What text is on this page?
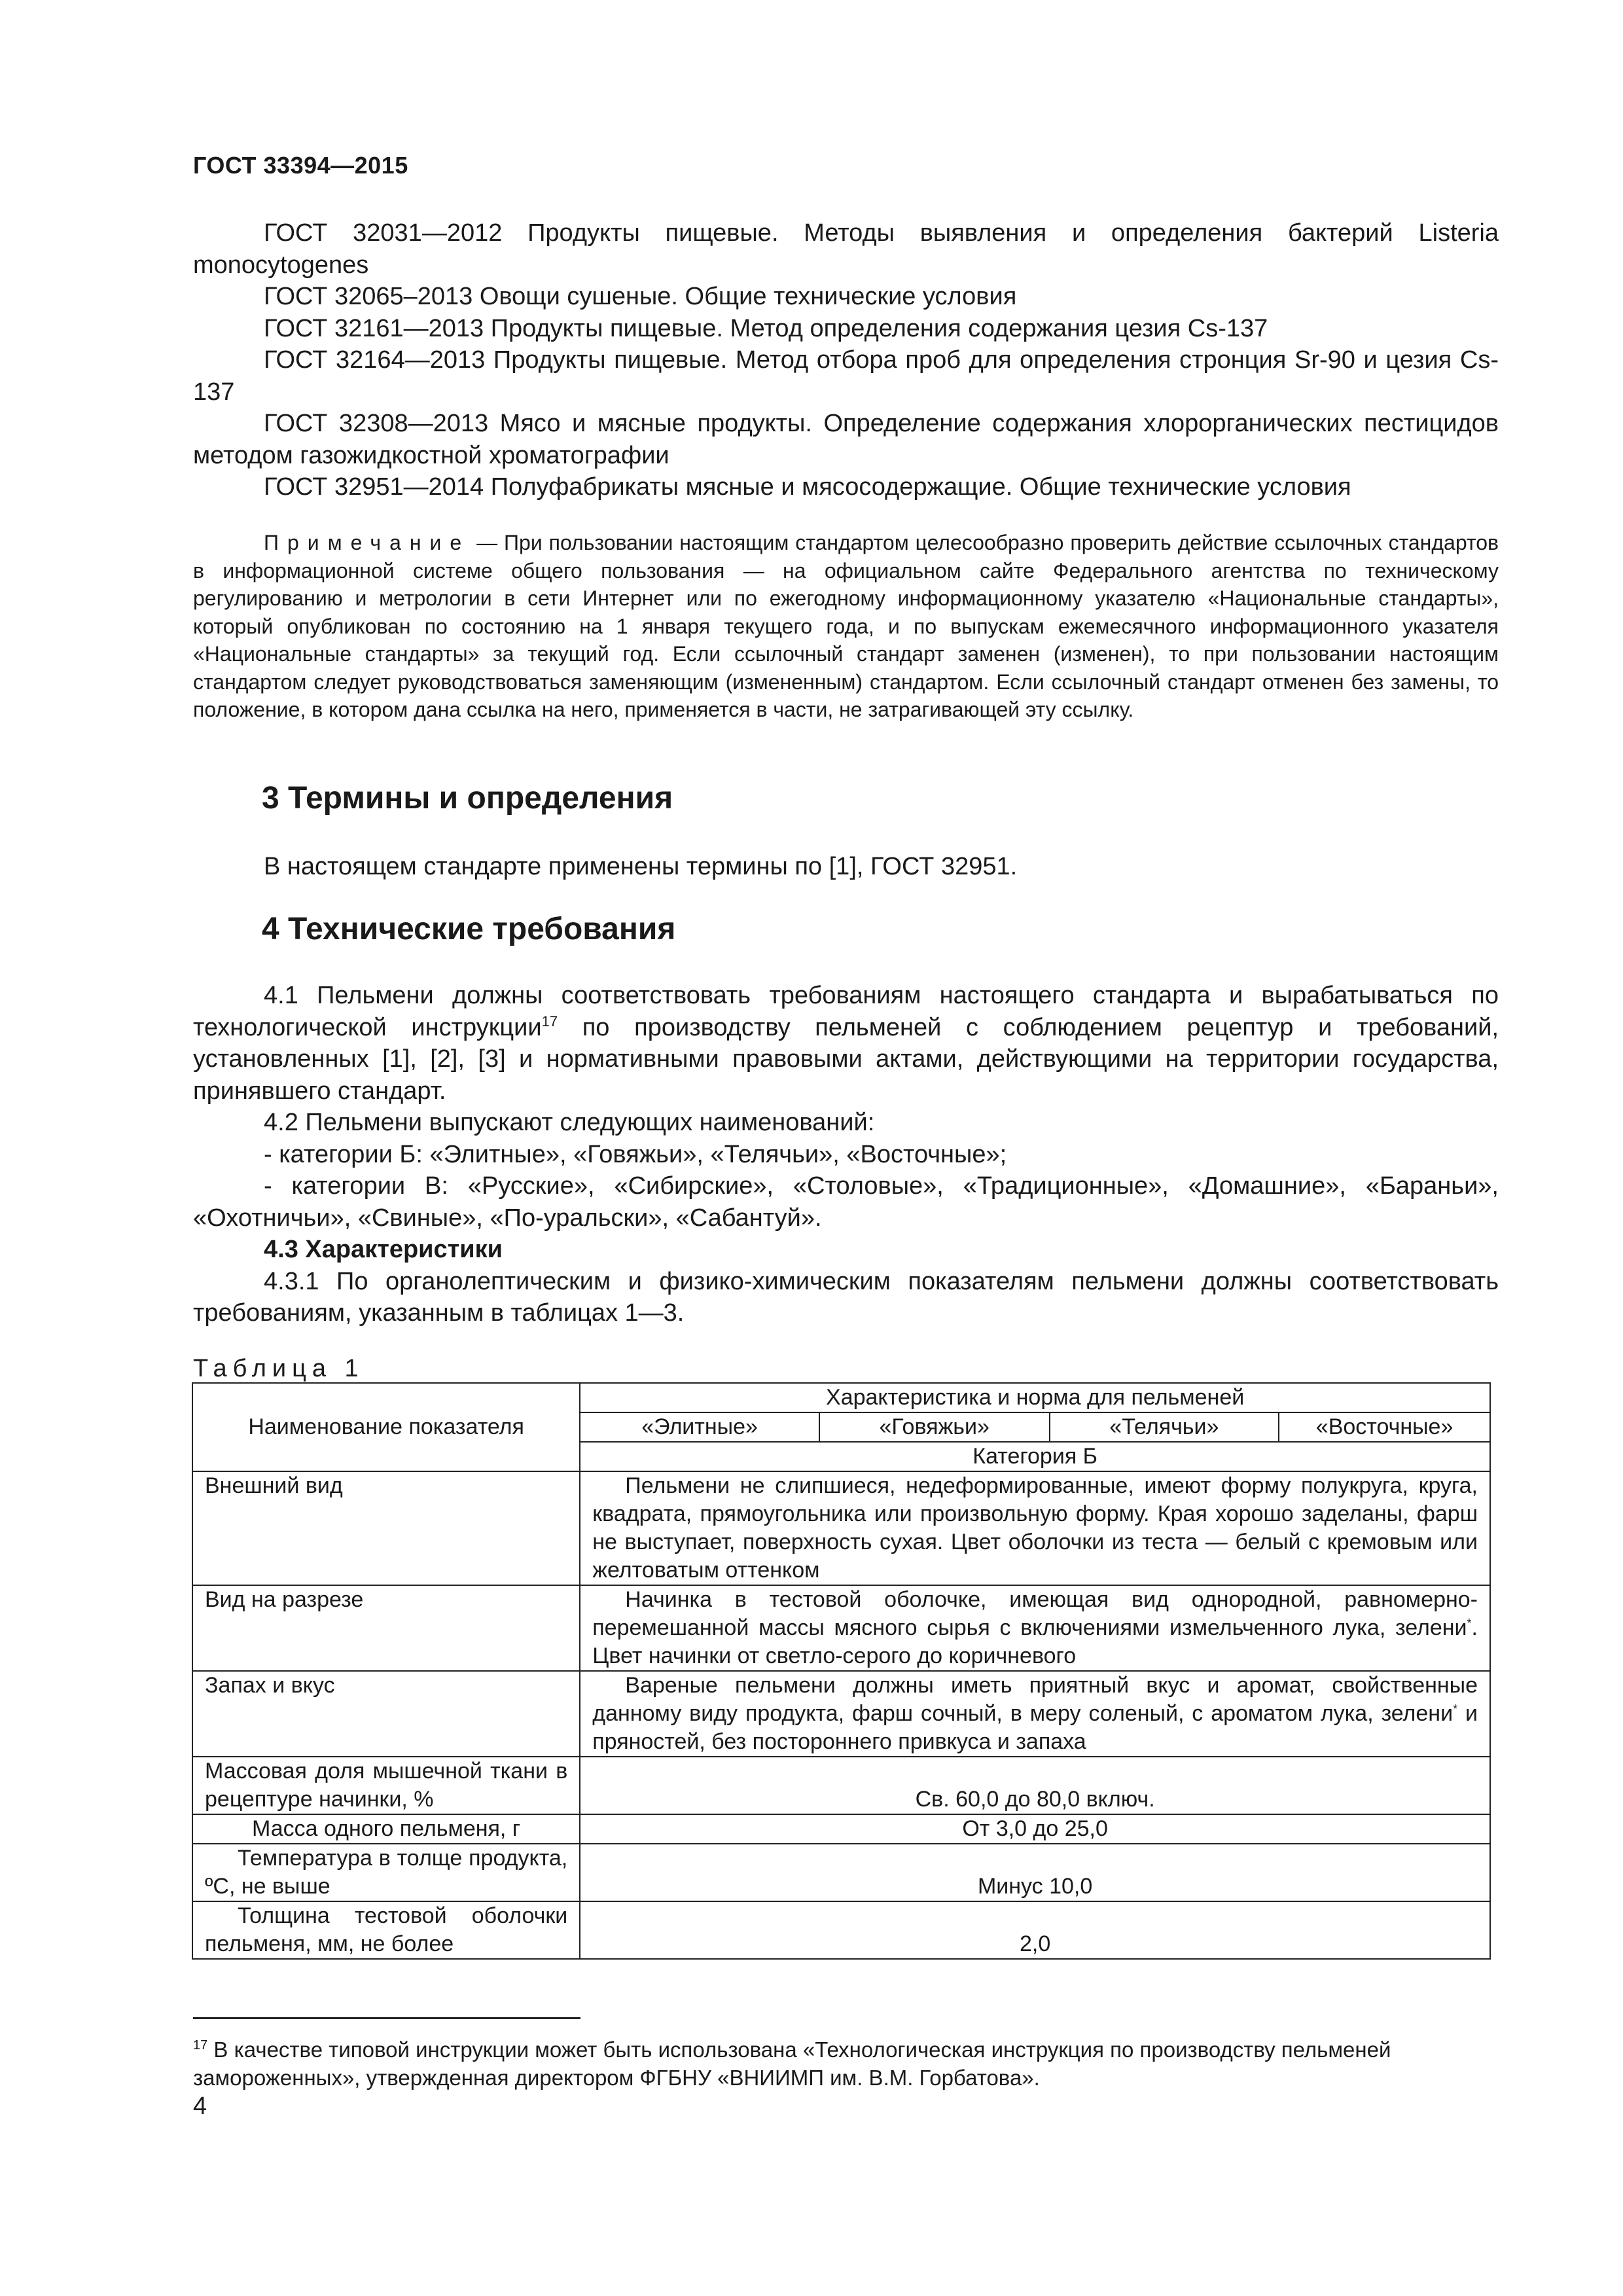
ГОСТ 33394—2015

ГОСТ 32031—2012 Продукты пищевые. Методы выявления и определения бактерий Listeria monocytogenes

ГОСТ 32065–2013 Овощи сушеные. Общие технические условия

ГОСТ 32161—2013 Продукты пищевые. Метод определения содержания цезия Cs-137

ГОСТ 32164—2013 Продукты пищевые. Метод отбора проб для определения стронция Sr-90 и цезия Cs-137

ГОСТ 32308—2013 Мясо и мясные продукты. Определение содержания хлорорганических пестицидов методом газожидкостной хроматографии

ГОСТ 32951—2014 Полуфабрикаты мясные и мясосодержащие. Общие технические условия

Примечание — При пользовании настоящим стандартом целесообразно проверить действие ссылочных стандартов в информационной системе общего пользования — на официальном сайте Федерального агентства по техническому регулированию и метрологии в сети Интернет или по ежегодному информационному указателю «Национальные стандарты», который опубликован по состоянию на 1 января текущего года, и по выпускам ежемесячного информационного указателя «Национальные стандарты» за текущий год. Если ссылочный стандарт заменен (изменен), то при пользовании настоящим стандартом следует руководствоваться заменяющим (измененным) стандартом. Если ссылочный стандарт отменен без замены, то положение, в котором дана ссылка на него, применяется в части, не затрагивающей эту ссылку.

3 Термины и определения

В настоящем стандарте применены термины по [1], ГОСТ 32951.

4 Технические требования

4.1 Пельмени должны соответствовать требованиям настоящего стандарта и вырабатываться по технологической инструкции$^{17}$ по производству пельменей с соблюдением рецептур и требований, установленных [1], [2], [3] и нормативными правовыми актами, действующими на территории государства, принявшего стандарт.

4.2 Пельмени выпускают следующих наименований:

- категории Б: «Элитные», «Говяжьи», «Телячьи», «Восточные»;

- категории В: «Русские», «Сибирские», «Столовые», «Традиционные», «Домашние», «Бараньи», «Охотничьи», «Свиные», «По-уральски», «Сабантуй».

4.3 Характеристики

4.3.1 По органолептическим и физико-химическим показателям пельмени должны соответствовать требованиям, указанным в таблицах 1—3.

Таблица 1
Наименование показателя	Характеристика и норма для пельменей			
	«Элитные»	«Говяжьи»	«Телячьи»	«Восточные»
	Категория Б			
Внешний вид	Пельмени не слипшиеся, недеформированные, имеют форму полукруга, круга, квадрата, прямоугольника или произвольную форму. Края хорошо заделаны, фарш не выступает, поверхность сухая. Цвет оболочки из теста — белый с кремовым или желтоватым оттенком			
Вид на разрезе	Начинка в тестовой оболочке, имеющая вид однородной, равномерно-перемешанной массы мясного сырья с включениями измельченного лука, зелени*. Цвет начинки от светло-серого до коричневого			
Запах и вкус	Вареные пельмени должны иметь приятный вкус и аромат, свойственные данному виду продукта, фарш сочный, в меру соленый, с ароматом лука, зелени* и пряностей, без постороннего привкуса и запаха			
Массовая доля мышечной ткани в рецептуре начинки, %	Св. 60,0 до 80,0 включ.			
Масса одного пельменя, г	От 3,0 до 25,0			
Температура в толще продукта, ºС, не выше	Минус 10,0			
Толщина тестовой оболочки пельменя, мм, не более	2,0			

$^{17}$ В качестве типовой инструкции может быть использована «Технологическая инструкция по производству пельменей замороженных», утвержденная директором ФГБНУ «ВНИИМП им. В.М. Горбатова».

4
